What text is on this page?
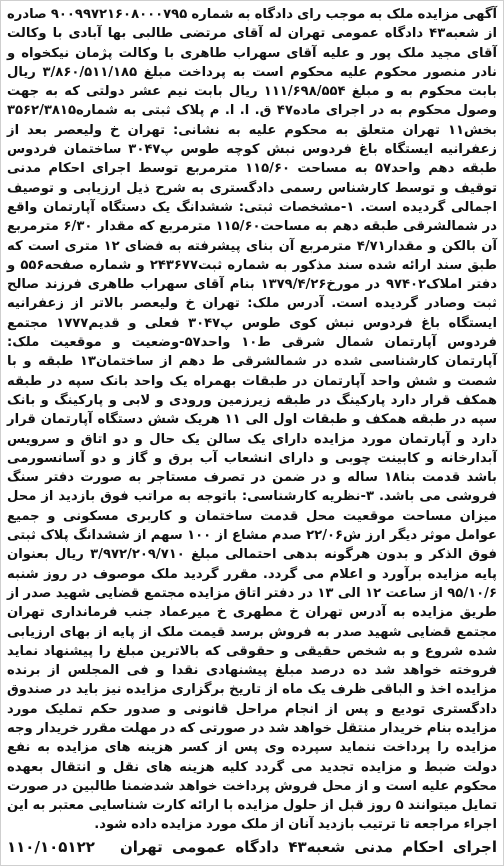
آگهی مزایده ملک به موجب رای دادگاه به شماره ۹۰۰۹۹۷۲۱۶۰۸۰۰۰۷۹۵ صادره از شعبه۴۳ دادگاه عمومی تهران له آقای مرتضی طالبی بها آبادی با وکالت آقای مجید ملک پور و علیه آقای سهراب طاهری با وکالت پژمان نیکخواه و نادر منصور محکوم علیه محکوم است به پرداخت مبلغ ۳/۸۶۰/۵۱۱/۱۸۵ ریال بابت محکوم به و مبلغ ۱۱۱/۶۹۸/۵۵۴ ریال بابت نیم عشر دولتی که به جهت وصول محکوم به در اجرای ماده۴۷ ق. ا. ا. م پلاک ثبتی به شماره۳۵۶۲/۳۸۱۵ بخش۱۱ تهران متعلق به محکوم علیه به نشانی: تهران خ ولیعصر بعد از زعفرانیه ایستگاه باغ فردوس نبش کوچه طوس پ۳۰۴۷ ساختمان فردوس طبقه دهم واحد۵۷ به مساحت ۱۱۵/۶۰ مترمربع توسط اجرای احکام مدنی توقیف و توسط کارشناس رسمی دادگستری به شرح ذیل ارزیابی و توصیف اجمالی گردیده است. ۱-مشخصات ثبتی: ششدانگ یک دستگاه آپارتمان واقع در شمالشرقی طبقه دهم به مساحت۱۱۵/۶۰ مترمربع که مقدار ۶/۳۰ مترمربع آن بالکن و مقدار۴/۷۱ مترمربع آن بنای پیشرفته به فضای ۱۲ متری است که طبق سند ارائه شده سند مذکور به شماره ثبت۲۴۳۶۷۷ و شماره صفحه۵۵۶ و دفتر املاک۹۷۴۰۲ در مورخ۱۳۷۹/۴/۲۶ بنام آقای سهراب طاهری فرزند صالح ثبت وصادر گردیده است. آدرس ملک: تهران خ ولیعصر بالاتر از زعفرانیه ایستگاه باغ فردوس نبش کوی طوس پ۳۰۴۷ فعلی و قدیم۱۷۷۷ مجتمع فردوس آپارتمان شمال شرقی ط۱۰ واحد۵۷-وضعیت و موقعیت ملک: آپارتمان کارشناسی شده در شمالشرقی ط دهم از ساختمان۱۳ طبقه و با شصت و شش واحد آپارتمان در طبقات بهمراه یک واحد بانک سپه در طبقه همکف قرار دارد پارکینگ در طبقه زیرزمین ورودی و لابی و پارکینگ و بانک سپه در طبقه همکف و طبقات اول الی ۱۱ هریک شش دستگاه آپارتمان قرار دارد و آپارتمان مورد مزایده دارای یک سالن یک حال و دو اتاق و سرویس آبدارخانه و کابینت چوبی و دارای انشعاب آب برق و گاز و دو آسانسورمی باشد قدمت بنا۱۸ ساله و در ضمن در تصرف مستاجر به صورت دفتر سنگ فروشی می باشد. ۳-نظریه کارشناسی: باتوجه به مراتب فوق بازدید از محل میزان مساحت موقعیت محل قدمت ساختمان و کاربری مسکونی و جمیع عوامل موثر دیگر ارز ش۲۲/۰۶ صدم مشاع از ۱۰۰ سهم از ششدانگ پلاک ثبتی فوق الذکر و بدون هرگونه بدهی احتمالی مبلغ ۳/۹۷۲/۲۰۹/۷۱۰ ریال بعنوان پایه مزایده برآورد و اعلام می گردد. مقرر گردید ملک موصوف در روز شنبه ۹۵/۱۰/۶ از ساعت ۱۲ الی ۱۳ در دفتر اتاق مزایده مجتمع قضایی شهید صدر از طریق مزایده به آدرس تهران خ مطهری خ میرعماد جنب فرمانداری تهران مجتمع قضایی شهید صدر به فروش برسد قیمت ملک از پایه از بهای ارزیابی شده شروع و به شخص حقیقی و حقوقی که بالاترین مبلغ را پیشنهاد نماید فروخته خواهد شد ده درصد مبلغ پیشنهادی نقدا و فی المجلس از برنده مزایده اخذ و الباقی ظرف یک ماه از تاریخ برگزاری مزایده نیز باید در صندوق دادگستری تودیع و پس از انجام مراحل قانونی و صدور حکم تملیک مورد مزایده بنام خریدار منتقل خواهد شد در صورتی که در مهلت مقرر خریدار وجه مزایده را پرداخت ننماید سپرده وی پس از کسر هزینه های مزایده به نفع دولت ضبط و مزایده تجدید می گردد کلیه هزینه های نقل و انتقال بعهده محکوم علیه است و از محل فروش پرداخت خواهد شدضمنا طالبین در صورت تمایل میتوانند ۵ روز قبل از حلول مزایده با ارائه کارت شناسایی معتبر به این اجراء مراجعه تا ترتیب بازدید آنان از ملک مورد مزایده داده شود.

اجرای احکام مدنی شعبه۴۳ دادگاه عمومی تهران
۱۱۰/۱۰۵۱۲۲
